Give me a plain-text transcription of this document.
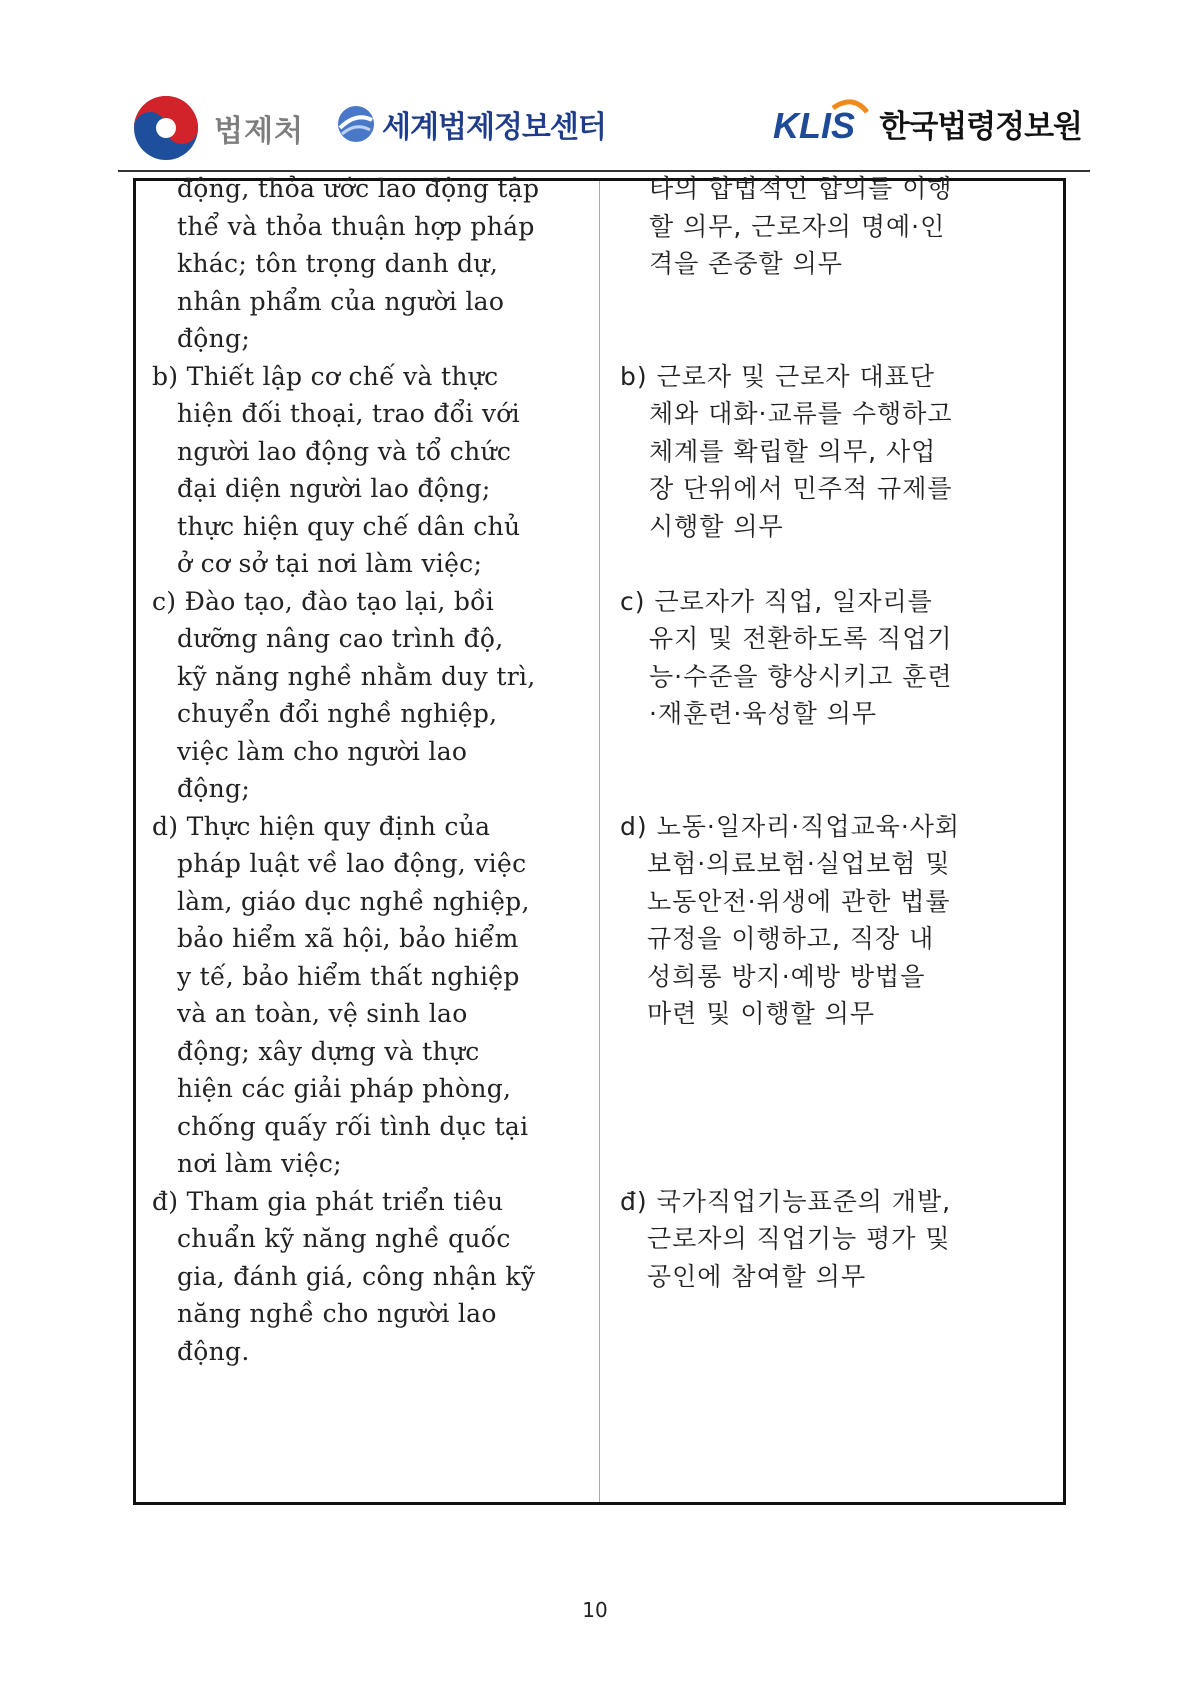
법제처	세계법제정보센터	KLIS 한국법령정보원
động, thỏa ước lao động tập
thể và thỏa thuận hợp pháp
khác; tôn trọng danh dự,
nhân phẩm của người lao
động;
b) Thiết lập cơ chế và thực
hiện đối thoại, trao đổi với
người lao động và tổ chức
đại diện người lao động;
thực hiện quy chế dân chủ
ở cơ sở tại nơi làm việc;
c) Đào tạo, đào tạo lại, bồi
dưỡng nâng cao trình độ,
kỹ năng nghề nhằm duy trì,
chuyển đổi nghề nghiệp,
việc làm cho người lao
động;
d) Thực hiện quy định của
pháp luật về lao động, việc
làm, giáo dục nghề nghiệp,
bảo hiểm xã hội, bảo hiểm
y tế, bảo hiểm thất nghiệp
và an toàn, vệ sinh lao
động; xây dựng và thực
hiện các giải pháp phòng,
chống quấy rối tình dục tại
nơi làm việc;
đ) Tham gia phát triển tiêu
chuẩn kỹ năng nghề quốc
gia, đánh giá, công nhận kỹ
năng nghề cho người lao
động.
타의 합법적인 합의를 이행
할 의무, 근로자의 명예·인
격을 존중할 의무
b) 근로자 및 근로자 대표단
체와 대화·교류를 수행하고
체계를 확립할 의무, 사업
장 단위에서 민주적 규제를
시행할 의무
c) 근로자가 직업, 일자리를
유지 및 전환하도록 직업기
능·수준을 향상시키고 훈련
·재훈련·육성할 의무
d) 노동·일자리·직업교육·사회
보험·의료보험·실업보험 및
노동안전·위생에 관한 법률
규정을 이행하고, 직장 내
성희롱 방지·예방 방법을
마련 및 이행할 의무
đ) 국가직업기능표준의 개발,
근로자의 직업기능 평가 및
공인에 참여할 의무
10
